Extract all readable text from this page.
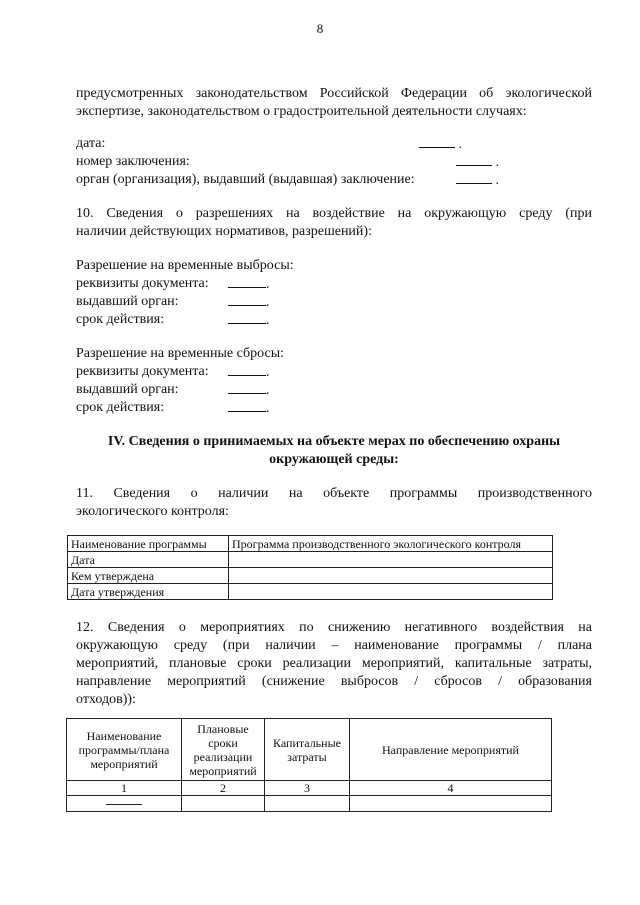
8
предусмотренных законодательством Российской Федерации об экологической
экспертизе, законодательством о градостроительной деятельности случаях:
дата:	.
номер заключения:	.
орган (организация), выдавший (выдавшая) заключение:	.
10. Сведения о разрешениях на воздействие на окружающую среду (при
наличии действующих нормативов, разрешений):
Разрешение на временные выбросы:
реквизиты документа:	.
выдавший орган:	.
срок действия:	.
Разрешение на временные сбросы:
реквизиты документа:	.
выдавший орган:	.
срок действия:	.
IV. Сведения о принимаемых на объекте мерах по обеспечению охраны
окружающей среды:
11. Сведения о наличии на объекте программы производственного
экологического контроля:
Наименование программы	Программа производственного экологического контроля
Дата	
Кем утверждена	
Дата утверждения	
12. Сведения о мероприятиях по снижению негативного воздействия на
окружающую среду (при наличии – наименование программы / плана
мероприятий, плановые сроки реализации мероприятий, капитальные затраты,
направление мероприятий (снижение выбросов / сбросов / образования
отходов)):
Наименование программы/плана мероприятий	Плановые сроки реализации мероприятий	Капитальные затраты	Направление мероприятий
1	2	3	4
